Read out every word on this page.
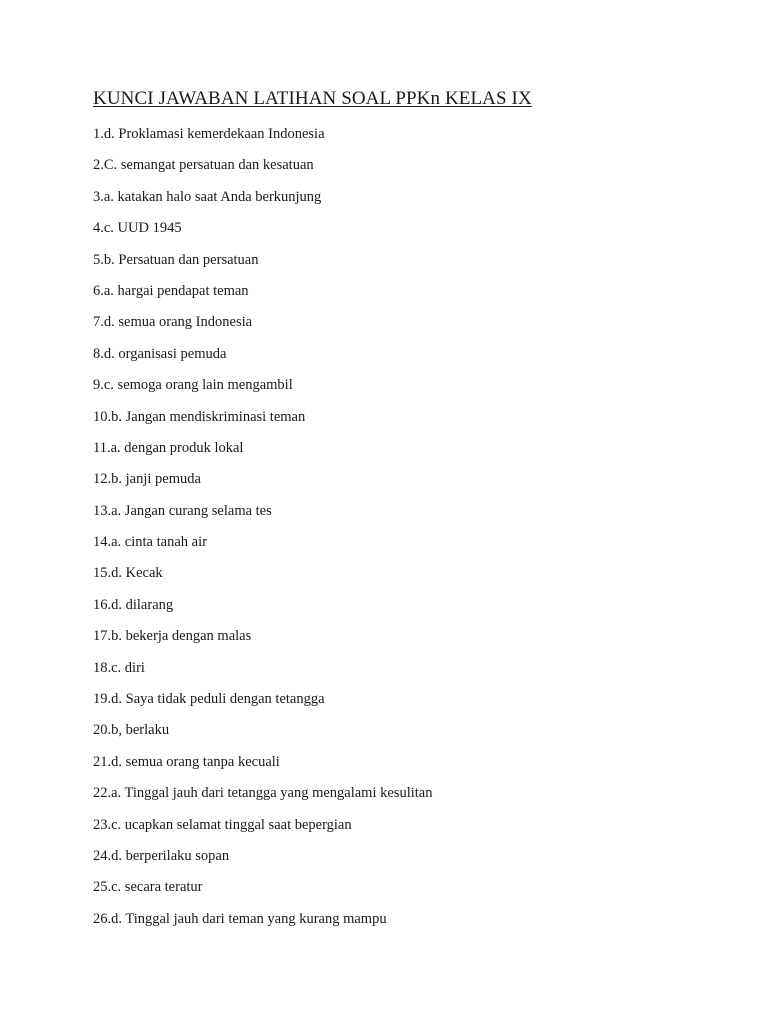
KUNCI JAWABAN LATIHAN SOAL PPKn KELAS IX
1.d. Proklamasi kemerdekaan Indonesia
2.C. semangat persatuan dan kesatuan
3.a. katakan halo saat Anda berkunjung
4.c. UUD 1945
5.b. Persatuan dan persatuan
6.a. hargai pendapat teman
7.d. semua orang Indonesia
8.d. organisasi pemuda
9.c. semoga orang lain mengambil
10.b. Jangan mendiskriminasi teman
11.a. dengan produk lokal
12.b. janji pemuda
13.a. Jangan curang selama tes
14.a. cinta tanah air
15.d. Kecak
16.d. dilarang
17.b. bekerja dengan malas
18.c. diri
19.d. Saya tidak peduli dengan tetangga
20.b, berlaku
21.d. semua orang tanpa kecuali
22.a. Tinggal jauh dari tetangga yang mengalami kesulitan
23.c. ucapkan selamat tinggal saat bepergian
24.d. berperilaku sopan
25.c. secara teratur
26.d. Tinggal jauh dari teman yang kurang mampu
